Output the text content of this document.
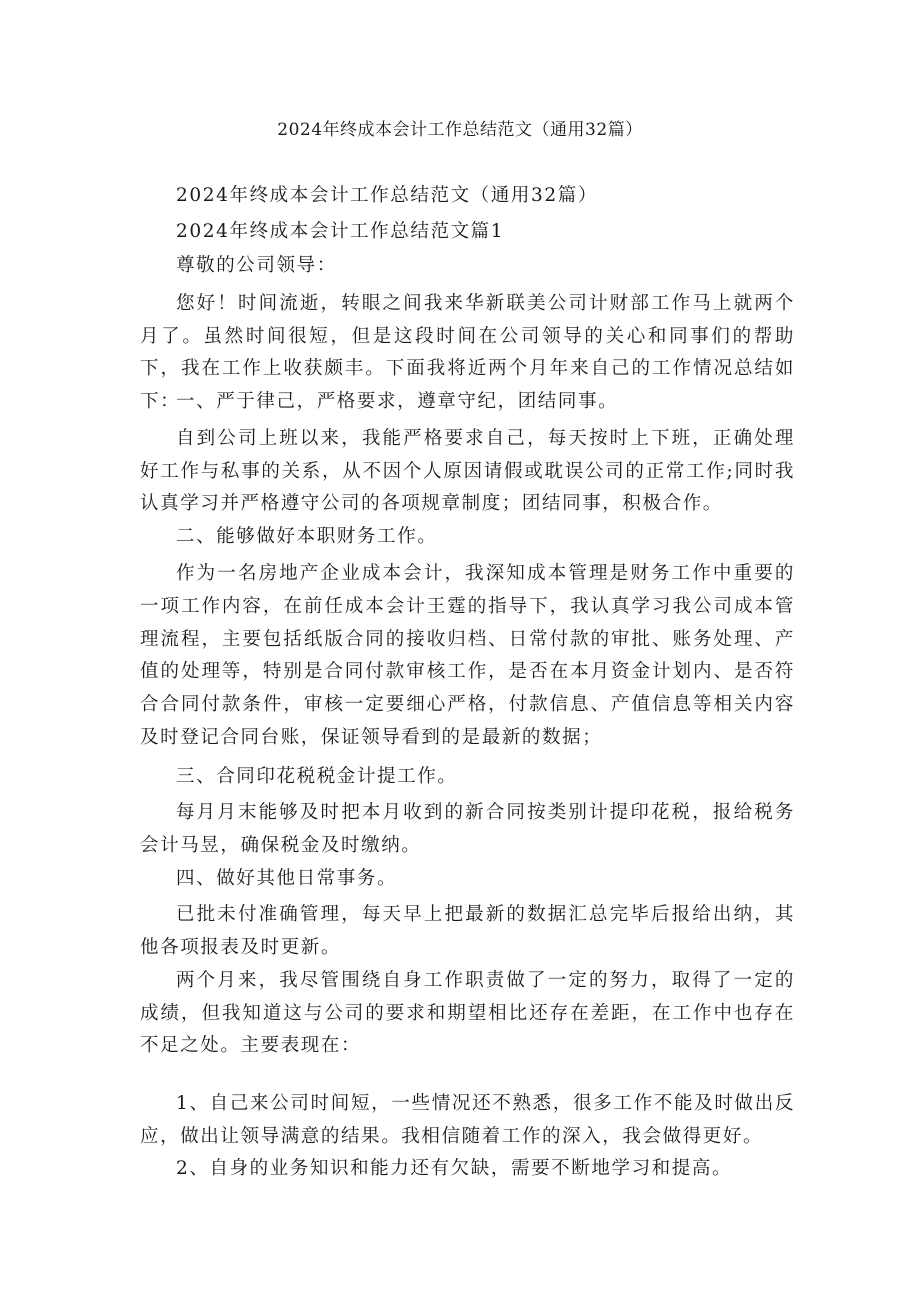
2024年终成本会计工作总结范文（通用32篇）
2024年终成本会计工作总结范文（通用32篇）
2024年终成本会计工作总结范文篇1
尊敬的公司领导：
您好！时间流逝，转眼之间我来华新联美公司计财部工作马上就两个月了。虽然时间很短，但是这段时间在公司领导的关心和同事们的帮助下，我在工作上收获颇丰。下面我将近两个月年来自己的工作情况总结如下：
一、严于律己，严格要求，遵章守纪，团结同事。
自到公司上班以来，我能严格要求自己，每天按时上下班，正确处理好工作与私事的关系，从不因个人原因请假或耽误公司的正常工作;同时我认真学习并严格遵守公司的各项规章制度；团结同事，积极合作。
二、能够做好本职财务工作。
作为一名房地产企业成本会计，我深知成本管理是财务工作中重要的一项工作内容，在前任成本会计王霆的指导下，我认真学习我公司成本管理流程，主要包括纸版合同的接收归档、日常付款的审批、账务处理、产值的处理等，特别是合同付款审核工作，是否在本月资金计划内、是否符合合同付款条件，审核一定要细心严格，付款信息、产值信息等相关内容及时登记合同台账，保证领导看到的是最新的数据；
三、合同印花税税金计提工作。
每月月末能够及时把本月收到的新合同按类别计提印花税，报给税务会计马昱，确保税金及时缴纳。
四、做好其他日常事务。
已批未付准确管理，每天早上把最新的数据汇总完毕后报给出纳，其他各项报表及时更新。
两个月来，我尽管围绕自身工作职责做了一定的努力，取得了一定的成绩，但我知道这与公司的要求和期望相比还存在差距，在工作中也存在不足之处。主要表现在：
1、自己来公司时间短，一些情况还不熟悉，很多工作不能及时做出反应，做出让领导满意的结果。我相信随着工作的深入，我会做得更好。
2、自身的业务知识和能力还有欠缺，需要不断地学习和提高。
